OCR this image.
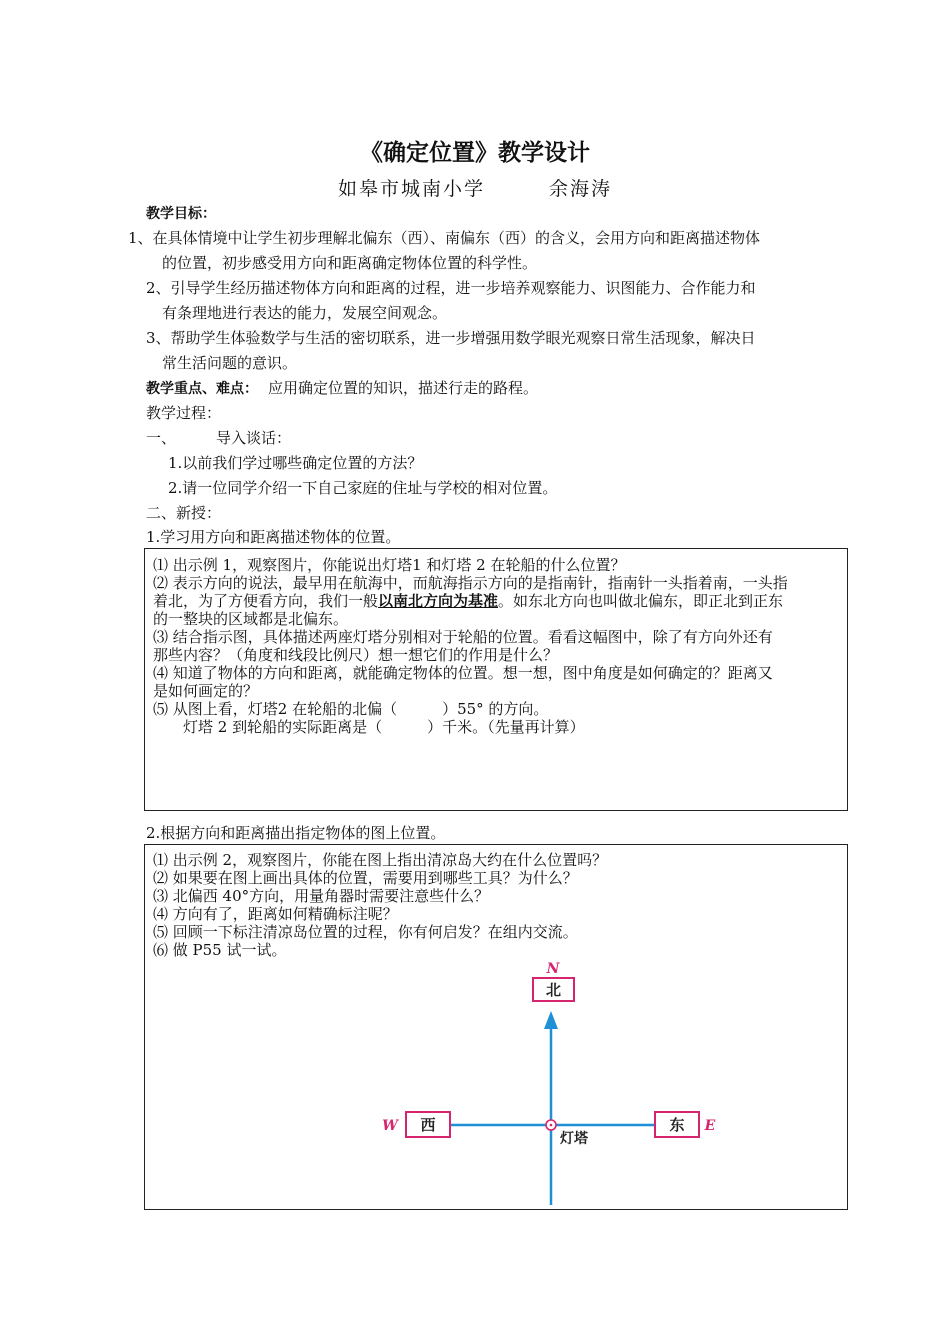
《确定位置》教学设计
如皋市城南小学	余海涛
教学目标：
1、在具体情境中让学生初步理解北偏东（西）、南偏东（西）的含义，会用方向和距离描述物体
的位置，初步感受用方向和距离确定物体位置的科学性。
2、引导学生经历描述物体方向和距离的过程，进一步培养观察能力、识图能力、合作能力和
有条理地进行表达的能力，发展空间观念。
3、帮助学生体验数学与生活的密切联系，进一步增强用数学眼光观察日常生活现象，解决日
常生活问题的意识。
教学重点、难点： 应用确定位置的知识，描述行走的路程。
教学过程：
一、	导入谈话：
1.以前我们学过哪些确定位置的方法？
2.请一位同学介绍一下自己家庭的住址与学校的相对位置。
二、新授：
1.学习用方向和距离描述物体的位置。

⑴ 出示例 1，观察图片，你能说出灯塔1 和灯塔 2 在轮船的什么位置？

⑵ 表示方向的说法，最早用在航海中，而航海指示方向的是指南针，指南针一头指着南，一头指

着北，为了方便看方向，我们一般以南北方向为基准。如东北方向也叫做北偏东，即正北到正东

的一整块的区域都是北偏东。

⑶ 结合指示图，具体描述两座灯塔分别相对于轮船的位置。看看这幅图中，除了有方向外还有

那些内容？（角度和线段比例尺）想一想它们的作用是什么？

⑷ 知道了物体的方向和距离，就能确定物体的位置。想一想，图中角度是如何确定的？距离又

是如何画定的？

⑸ 从图上看，灯塔2 在轮船的北偏（　　　）55° 的方向。

灯塔 2 到轮船的实际距离是（　　　）千米。（先量再计算）

2.根据方向和距离描出指定物体的图上位置。

⑴ 出示例 2，观察图片，你能在图上指出清凉岛大约在什么位置吗？

⑵ 如果要在图上画出具体的位置，需要用到哪些工具？为什么？

⑶ 北偏西 40°方向，用量角器时需要注意些什么？

⑷ 方向有了，距离如何精确标注呢？

⑸ 回顾一下标注清凉岛位置的过程，你有何启发？在组内交流。

⑹ 做 P55 试一试。

N
北
W 西	东 E
灯塔
